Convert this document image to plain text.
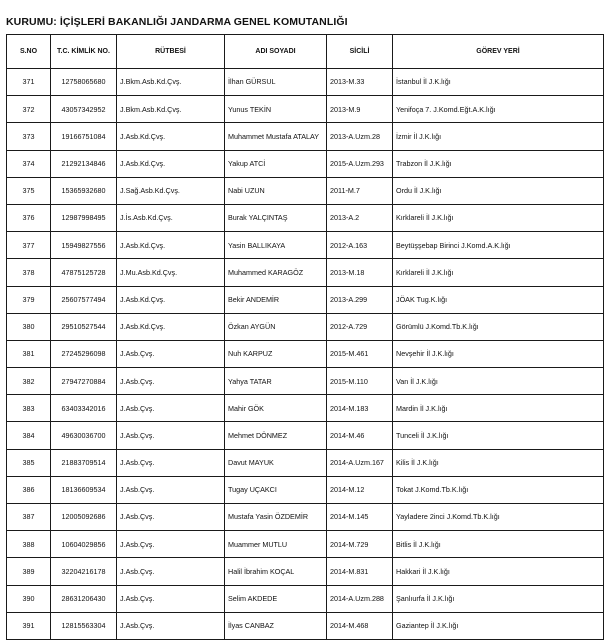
KURUMU: İÇİŞLERİ BAKANLIĞI JANDARMA GENEL KOMUTANLIĞI
S.NO	T.C. KİMLİK NO.	RÜTBESİ	ADI SOYADI	SİCİLİ	GÖREV YERİ
371	12758065680	J.Bkm.Asb.Kd.Çvş.	İlhan GÜRSUL	2013-M.33	İstanbul İl J.K.lığı
372	43057342952	J.Bkm.Asb.Kd.Çvş.	Yunus TEKİN	2013-M.9	Yenifoça 7. J.Komd.Eğt.A.K.lığı
373	19166751084	J.Asb.Kd.Çvş.	Muhammet Mustafa ATALAY	2013-A.Uzm.28	İzmir İl J.K.lığı
374	21292134846	J.Asb.Kd.Çvş.	Yakup ATCİ	2015-A.Uzm.293	Trabzon İl J.K.lığı
375	15365932680	J.Sağ.Asb.Kd.Çvş.	Nabi UZUN	2011-M.7	Ordu İl J.K.lığı
376	12987998495	J.İs.Asb.Kd.Çvş.	Burak YALÇINTAŞ	2013-A.2	Kırklareli İl J.K.lığı
377	15949827556	J.Asb.Kd.Çvş.	Yasin BALLIKAYA	2012-A.163	Beytüşşebap Birinci J.Komd.A.K.lığı
378	47875125728	J.Mu.Asb.Kd.Çvş.	Muhammed KARAGÖZ	2013-M.18	Kırklareli İl J.K.lığı
379	25607577494	J.Asb.Kd.Çvş.	Bekir ANDEMİR	2013-A.299	JÖAK Tug.K.lığı
380	29510527544	J.Asb.Kd.Çvş.	Özkan AYGÜN	2012-A.729	Görümlü J.Komd.Tb.K.lığı
381	27245296098	J.Asb.Çvş.	Nuh KARPUZ	2015-M.461	Nevşehir İl J.K.lığı
382	27947270884	J.Asb.Çvş.	Yahya TATAR	2015-M.110	Van İl J.K.lığı
383	63403342016	J.Asb.Çvş.	Mahir GÖK	2014-M.183	Mardin İl J.K.lığı
384	49630036700	J.Asb.Çvş.	Mehmet DÖNMEZ	2014-M.46	Tunceli İl J.K.lığı
385	21883709514	J.Asb.Çvş.	Davut MAYUK	2014-A.Uzm.167	Kilis İl J.K.lığı
386	18136609534	J.Asb.Çvş.	Tugay UÇAKCI	2014-M.12	Tokat J.Komd.Tb.K.lığı
387	12005092686	J.Asb.Çvş.	Mustafa Yasin ÖZDEMİR	2014-M.145	Yayladere 2inci J.Komd.Tb.K.lığı
388	10604029856	J.Asb.Çvş.	Muammer MUTLU	2014-M.729	Bitlis İl J.K.lığı
389	32204216178	J.Asb.Çvş.	Halil İbrahim KOÇAL	2014-M.831	Hakkari İl J.K.lığı
390	28631206430	J.Asb.Çvş.	Selim AKDEDE	2014-A.Uzm.288	Şanlıurfa İl J.K.lığı
391	12815563304	J.Asb.Çvş.	İlyas CANBAZ	2014-M.468	Gaziantep İl J.K.lığı
